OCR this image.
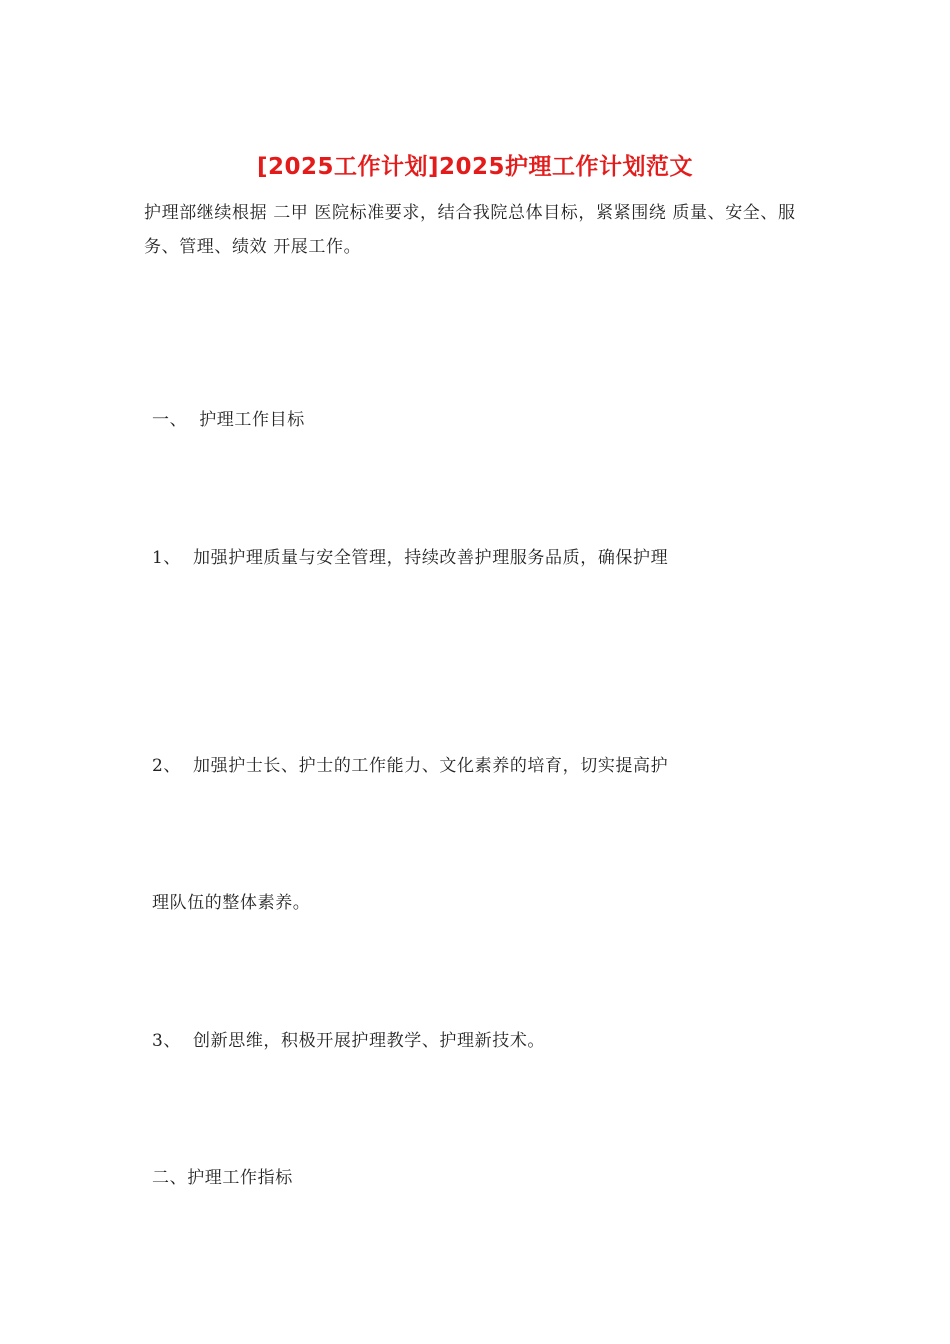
[2025工作计划]2025护理工作计划范文
护理部继续根据 二甲 医院标准要求，结合我院总体目标，紧紧围绕 质量、安全、服务、管理、绩效 开展工作。
一、  护理工作目标
1、  加强护理质量与安全管理，持续改善护理服务品质，确保护理
2、  加强护士长、护士的工作能力、文化素养的培育，切实提高护
理队伍的整体素养。
3、  创新思维，积极开展护理教学、护理新技术。
二、护理工作指标
